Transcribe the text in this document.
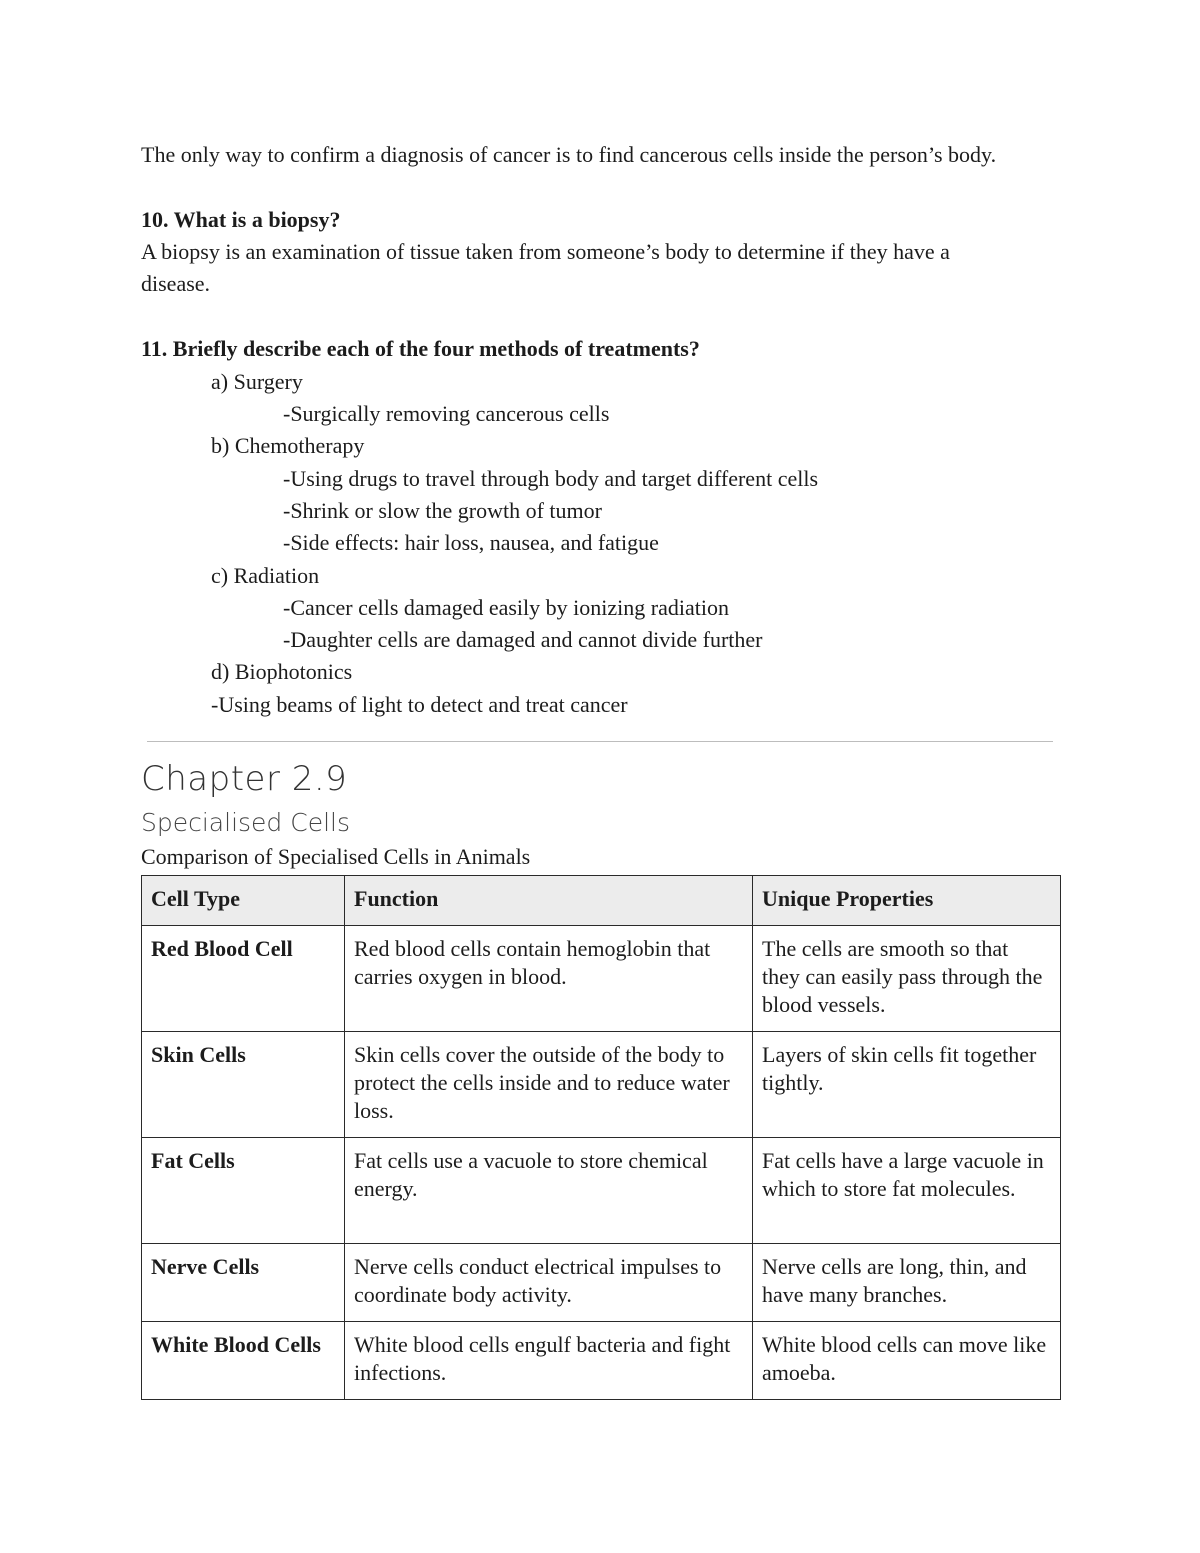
The only way to confirm a diagnosis of cancer is to find cancerous cells inside the person’s body.

10. What is a biopsy?

A biopsy is an examination of tissue taken from someone’s body to determine if they have a

disease.

11. Briefly describe each of the four methods of treatments?

a) Surgery

-Surgically removing cancerous cells

b) Chemotherapy

-Using drugs to travel through body and target different cells

-Shrink or slow the growth of tumor

-Side effects: hair loss, nausea, and fatigue

c) Radiation

-Cancer cells damaged easily by ionizing radiation

-Daughter cells are damaged and cannot divide further

d) Biophotonics

-Using beams of light to detect and treat cancer

Chapter 2.9
Specialised Cells

Comparison of Specialised Cells in Animals

Cell Type	Function	Unique Properties
Red Blood Cell	Red blood cells contain hemoglobin that carries oxygen in blood.	The cells are smooth so that they can easily pass through the blood vessels.
Skin Cells	Skin cells cover the outside of the body to protect the cells inside and to reduce water loss.	Layers of skin cells fit together tightly.
Fat Cells	Fat cells use a vacuole to store chemical energy.	Fat cells have a large vacuole in which to store fat molecules.
Nerve Cells	Nerve cells conduct electrical impulses to coordinate body activity.	Nerve cells are long, thin, and have many branches.
White Blood Cells	White blood cells engulf bacteria and fight infections.	White blood cells can move like amoeba.
